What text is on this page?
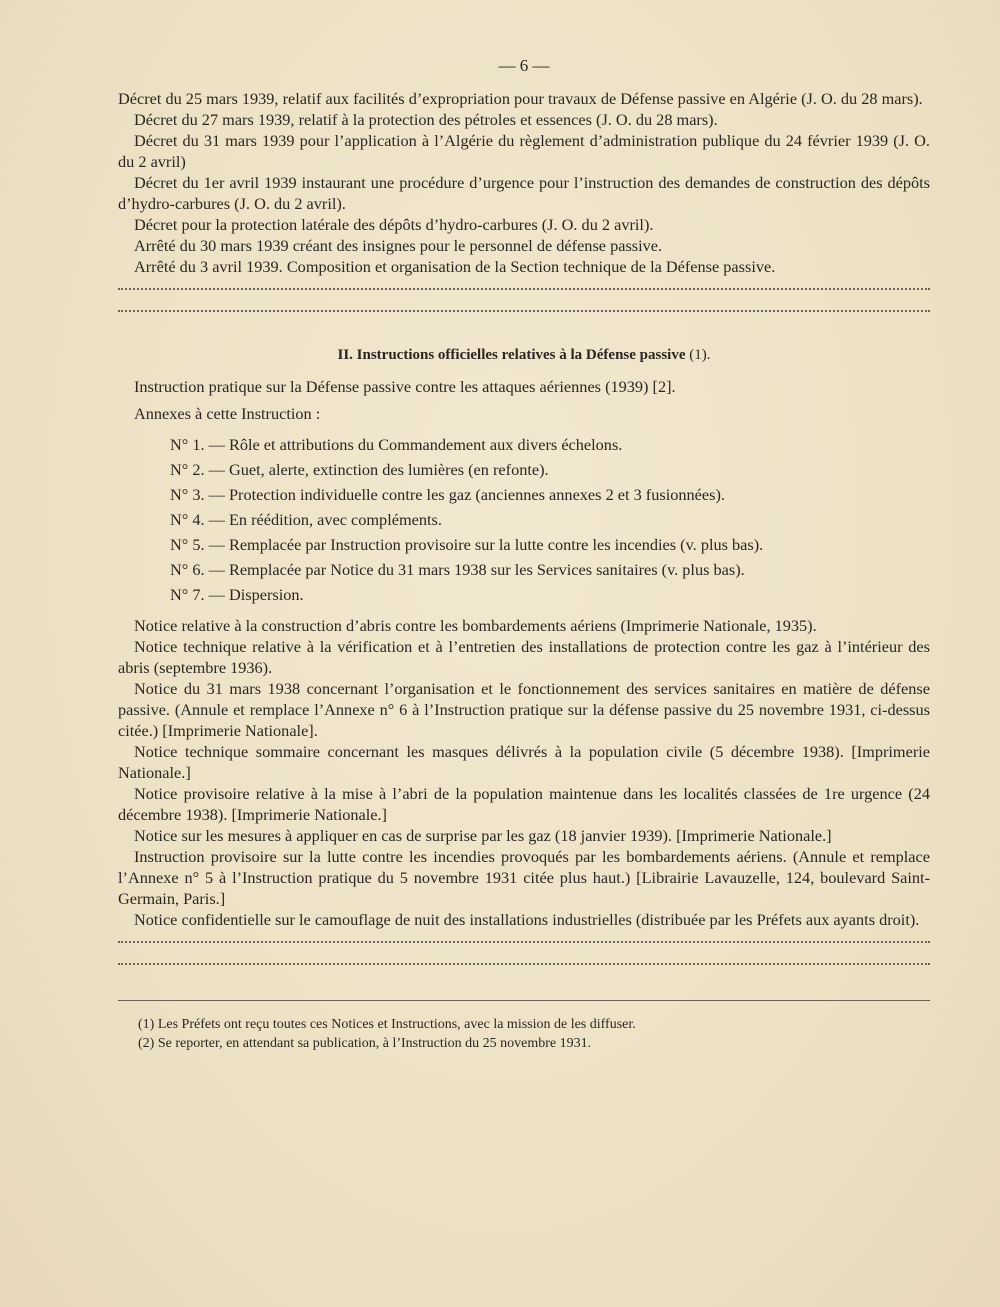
— 6 —

Décret du 25 mars 1939, relatif aux facilités d’expropriation pour travaux de Défense passive en Algérie (J. O. du 28 mars).

Décret du 27 mars 1939, relatif à la protection des pétroles et essences (J. O. du 28 mars).

Décret du 31 mars 1939 pour l’application à l’Algérie du règlement d’administration publique du 24 février 1939 (J. O. du 2 avril)

Décret du 1er avril 1939 instaurant une procédure d’urgence pour l’instruction des demandes de construction des dépôts d’hydro-carbures (J. O. du 2 avril).

Décret pour la protection latérale des dépôts d’hydro-carbures (J. O. du 2 avril).

Arrêté du 30 mars 1939 créant des insignes pour le personnel de défense passive.

Arrêté du 3 avril 1939. Composition et organisation de la Section technique de la Défense passive.

II. Instructions officielles relatives à la Défense passive (1).

Instruction pratique sur la Défense passive contre les attaques aériennes (1939) [2].

Annexes à cette Instruction :

N° 1. — Rôle et attributions du Commandement aux divers échelons.
N° 2. — Guet, alerte, extinction des lumières (en refonte).
N° 3. — Protection individuelle contre les gaz (anciennes annexes 2 et 3 fusionnées).
N° 4. — En réédition, avec compléments.
N° 5. — Remplacée par Instruction provisoire sur la lutte contre les incendies (v. plus bas).
N° 6. — Remplacée par Notice du 31 mars 1938 sur les Services sanitaires (v. plus bas).
N° 7. — Dispersion.

Notice relative à la construction d’abris contre les bombardements aériens (Imprimerie Nationale, 1935).

Notice technique relative à la vérification et à l’entretien des installations de protection contre les gaz à l’intérieur des abris (septembre 1936).

Notice du 31 mars 1938 concernant l’organisation et le fonctionnement des services sanitaires en matière de défense passive. (Annule et remplace l’Annexe n° 6 à l’Instruction pratique sur la défense passive du 25 novembre 1931, ci-dessus citée.) [Imprimerie Nationale].

Notice technique sommaire concernant les masques délivrés à la population civile (5 décembre 1938). [Imprimerie Nationale.]

Notice provisoire relative à la mise à l’abri de la population maintenue dans les localités classées de 1re urgence (24 décembre 1938). [Imprimerie Nationale.]

Notice sur les mesures à appliquer en cas de surprise par les gaz (18 janvier 1939). [Imprimerie Nationale.]

Instruction provisoire sur la lutte contre les incendies provoqués par les bombardements aériens. (Annule et remplace l’Annexe n° 5 à l’Instruction pratique du 5 novembre 1931 citée plus haut.) [Librairie Lavauzelle, 124, boulevard Saint-Germain, Paris.]

Notice confidentielle sur le camouflage de nuit des installations industrielles (distribuée par les Préfets aux ayants droit).

(1) Les Préfets ont reçu toutes ces Notices et Instructions, avec la mission de les diffuser.

(2) Se reporter, en attendant sa publication, à l’Instruction du 25 novembre 1931.
